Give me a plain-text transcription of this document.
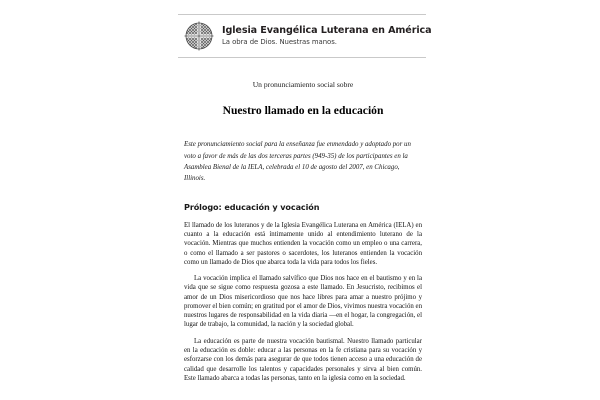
Iglesia Evangélica Luterana en América
La obra de Dios. Nuestras manos.
Un pronunciamiento social sobre
Nuestro llamado en la educación
Este pronunciamiento social para la enseñanza fue enmendado y adoptado por un voto a favor de más de las dos terceras partes (949-35) de los participantes en la Asamblea Bienal de la IELA, celebrada el 10 de agosto del 2007, en Chicago, Illinois.
Prólogo: educación y vocación

El llamado de los luteranos y de la Iglesia Evangélica Luterana en América (IELA) en cuanto a la educación está íntimamente unido al entendimiento luterano de la vocación. Mientras que muchos entienden la vocación como un empleo o una carrera, o como el llamado a ser pastores o sacerdotes, los luteranos entienden la vocación como un llamado de Dios que abarca toda la vida para todos los fieles.

La vocación implica el llamado salvífico que Dios nos hace en el bautismo y en la vida que se sigue como respuesta gozosa a este llamado. En Jesucristo, recibimos el amor de un Dios misericordioso que nos hace libres para amar a nuestro prójimo y promover el bien común; en gratitud por el amor de Dios, vivimos nuestra vocación en nuestros lugares de responsabilidad en la vida diaria —en el hogar, la congregación, el lugar de trabajo, la comunidad, la nación y la sociedad global.

La educación es parte de nuestra vocación bautismal. Nuestro llamado particular en la educación es doble: educar a las personas en la fe cristiana para su vocación y esforzarse con los demás para asegurar de que todos tienen acceso a una educación de calidad que desarrolle los talentos y capacidades personales y sirva al bien común. Este llamado abarca a todas las personas, tanto en la iglesia como en la sociedad.
